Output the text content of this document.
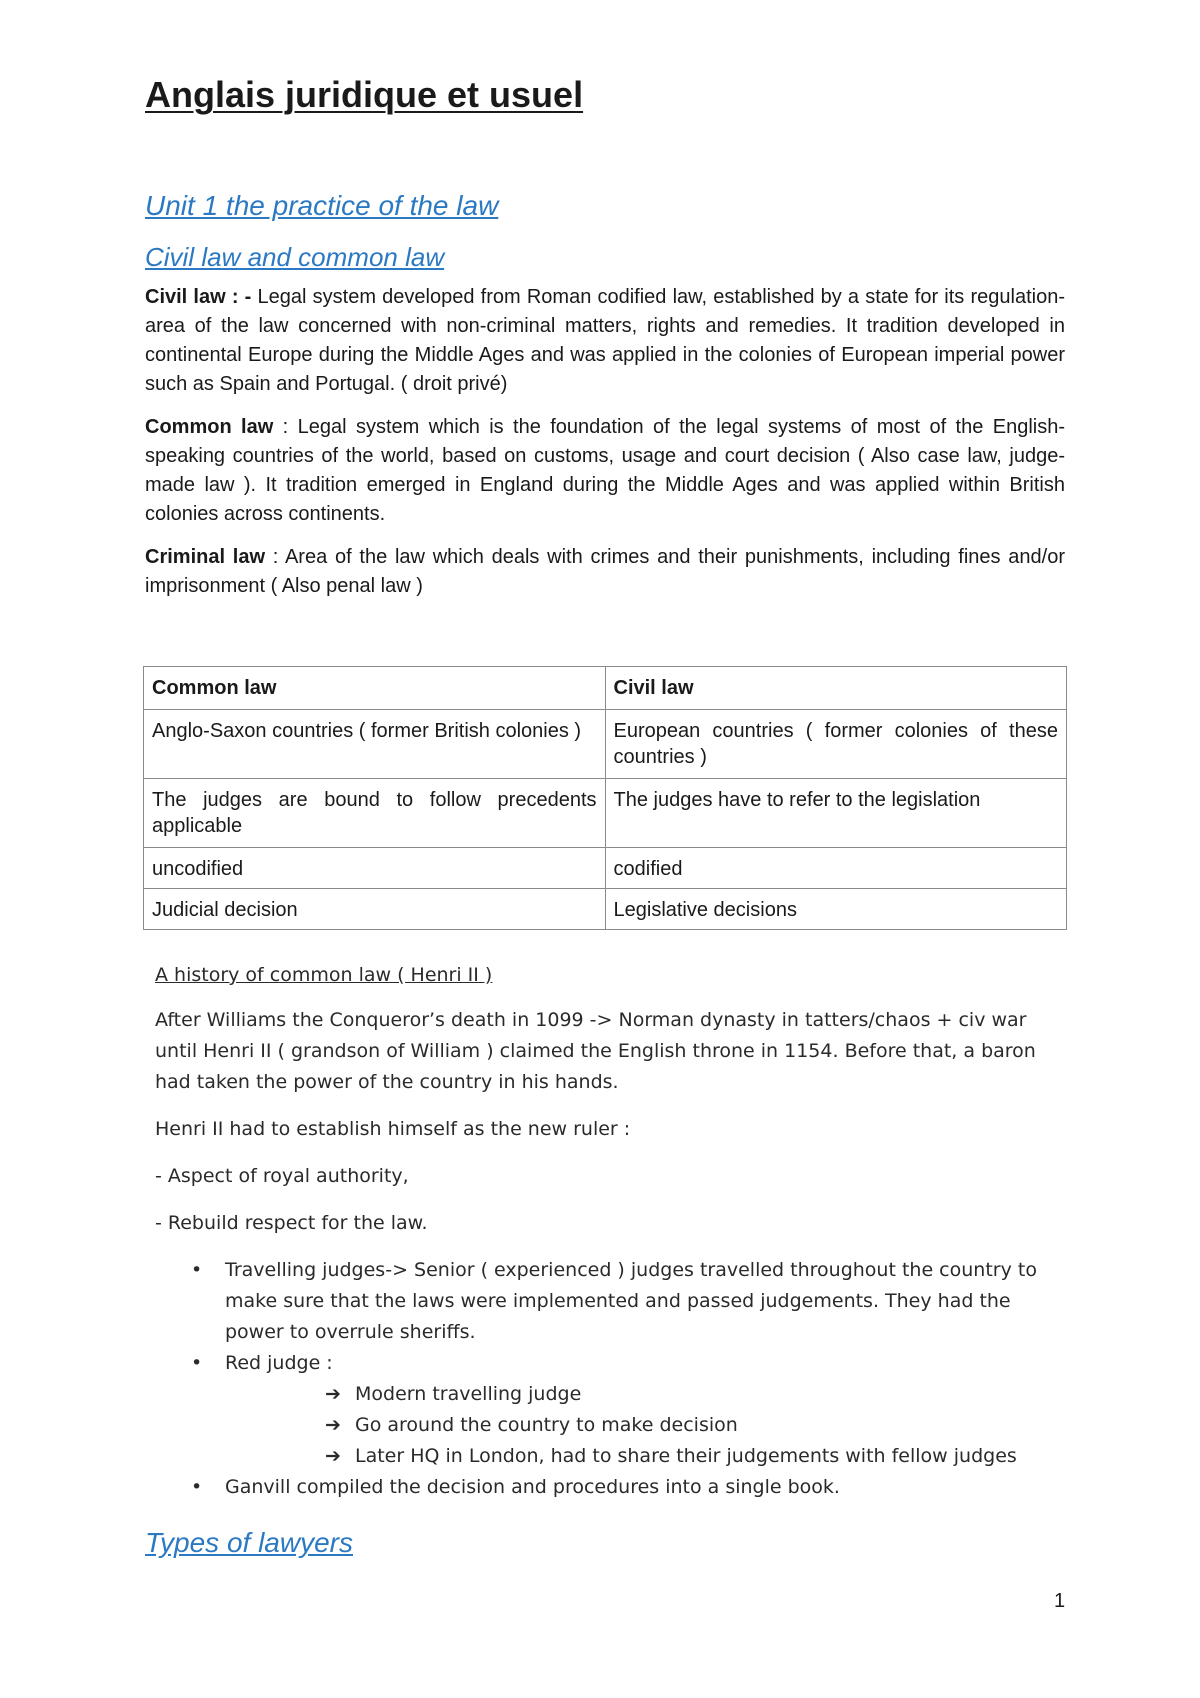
Anglais juridique et usuel
Unit 1 the practice of the law
Civil law and common law

Civil law : - Legal system developed from Roman codified law, established by a state for its regulation-area of the law concerned with non-criminal matters, rights and remedies. It tradition developed in continental Europe during the Middle Ages and was applied in the colonies of European imperial power such as Spain and Portugal. ( droit privé)

Common law : Legal system which is the foundation of the legal systems of most of the English-speaking countries of the world, based on customs, usage and court decision ( Also case law, judge-made law ). It tradition emerged in England during the Middle Ages and was applied within British colonies across continents.

Criminal law : Area of the law which deals with crimes and their punishments, including fines and/or imprisonment ( Also penal law )

Common law	Civil law
Anglo-Saxon countries ( former British colonies )	European countries ( former colonies of these countries )
The judges are bound to follow precedents applicable	The judges have to refer to the legislation
uncodified	codified
Judicial decision	Legislative decisions

A history of common law ( Henri II )

After Williams the Conqueror’s death in 1099 -> Norman dynasty in tatters/chaos + civ war until Henri II ( grandson of William ) claimed the English throne in 1154. Before that, a baron had taken the power of the country in his hands.

Henri II had to establish himself as the new ruler :

- Aspect of royal authority,

- Rebuild respect for the law.

• Travelling judges-> Senior ( experienced ) judges travelled throughout the country to make sure that the laws were implemented and passed judgements. They had the power to overrule sheriffs.
• Red judge :
➔ Modern travelling judge
➔ Go around the country to make decision
➔ Later HQ in London, had to share their judgements with fellow judges
• Ganvill compiled the decision and procedures into a single book.
Types of lawyers
1
